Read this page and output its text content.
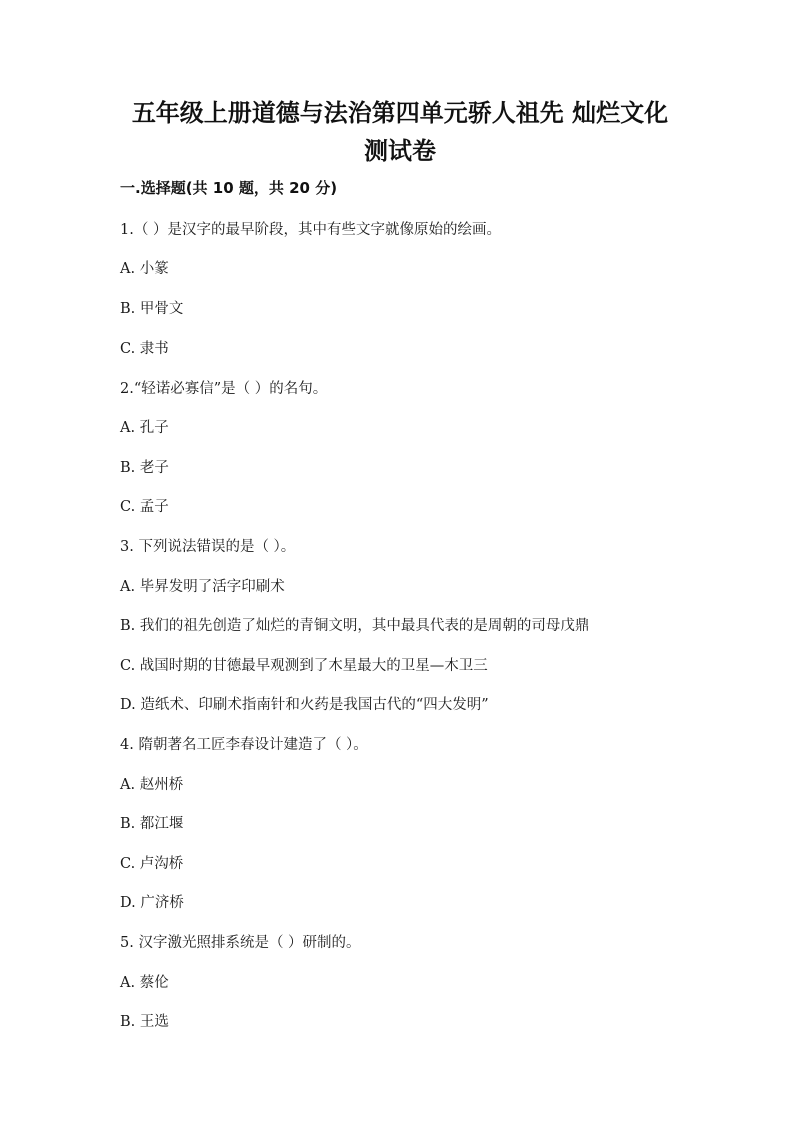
五年级上册道德与法治第四单元骄人祖先 灿烂文化
测试卷
一.选择题(共 10 题，共 20 分)
1.（ ）是汉字的最早阶段，其中有些文字就像原始的绘画。
A. 小篆
B. 甲骨文
C. 隶书
2.“轻诺必寡信”是（ ）的名句。
A. 孔子
B. 老子
C. 孟子
3. 下列说法错误的是（ ）。
A. 毕昇发明了活字印刷术
B. 我们的祖先创造了灿烂的青铜文明，其中最具代表的是周朝的司母戊鼎
C. 战国时期的甘德最早观测到了木星最大的卫星—木卫三
D. 造纸术、印刷术指南针和火药是我国古代的“四大发明”
4. 隋朝著名工匠李春设计建造了（ ）。
A. 赵州桥
B. 都江堰
C. 卢沟桥
D. 广济桥
5. 汉字激光照排系统是（ ）研制的。
A. 蔡伦
B. 王选
